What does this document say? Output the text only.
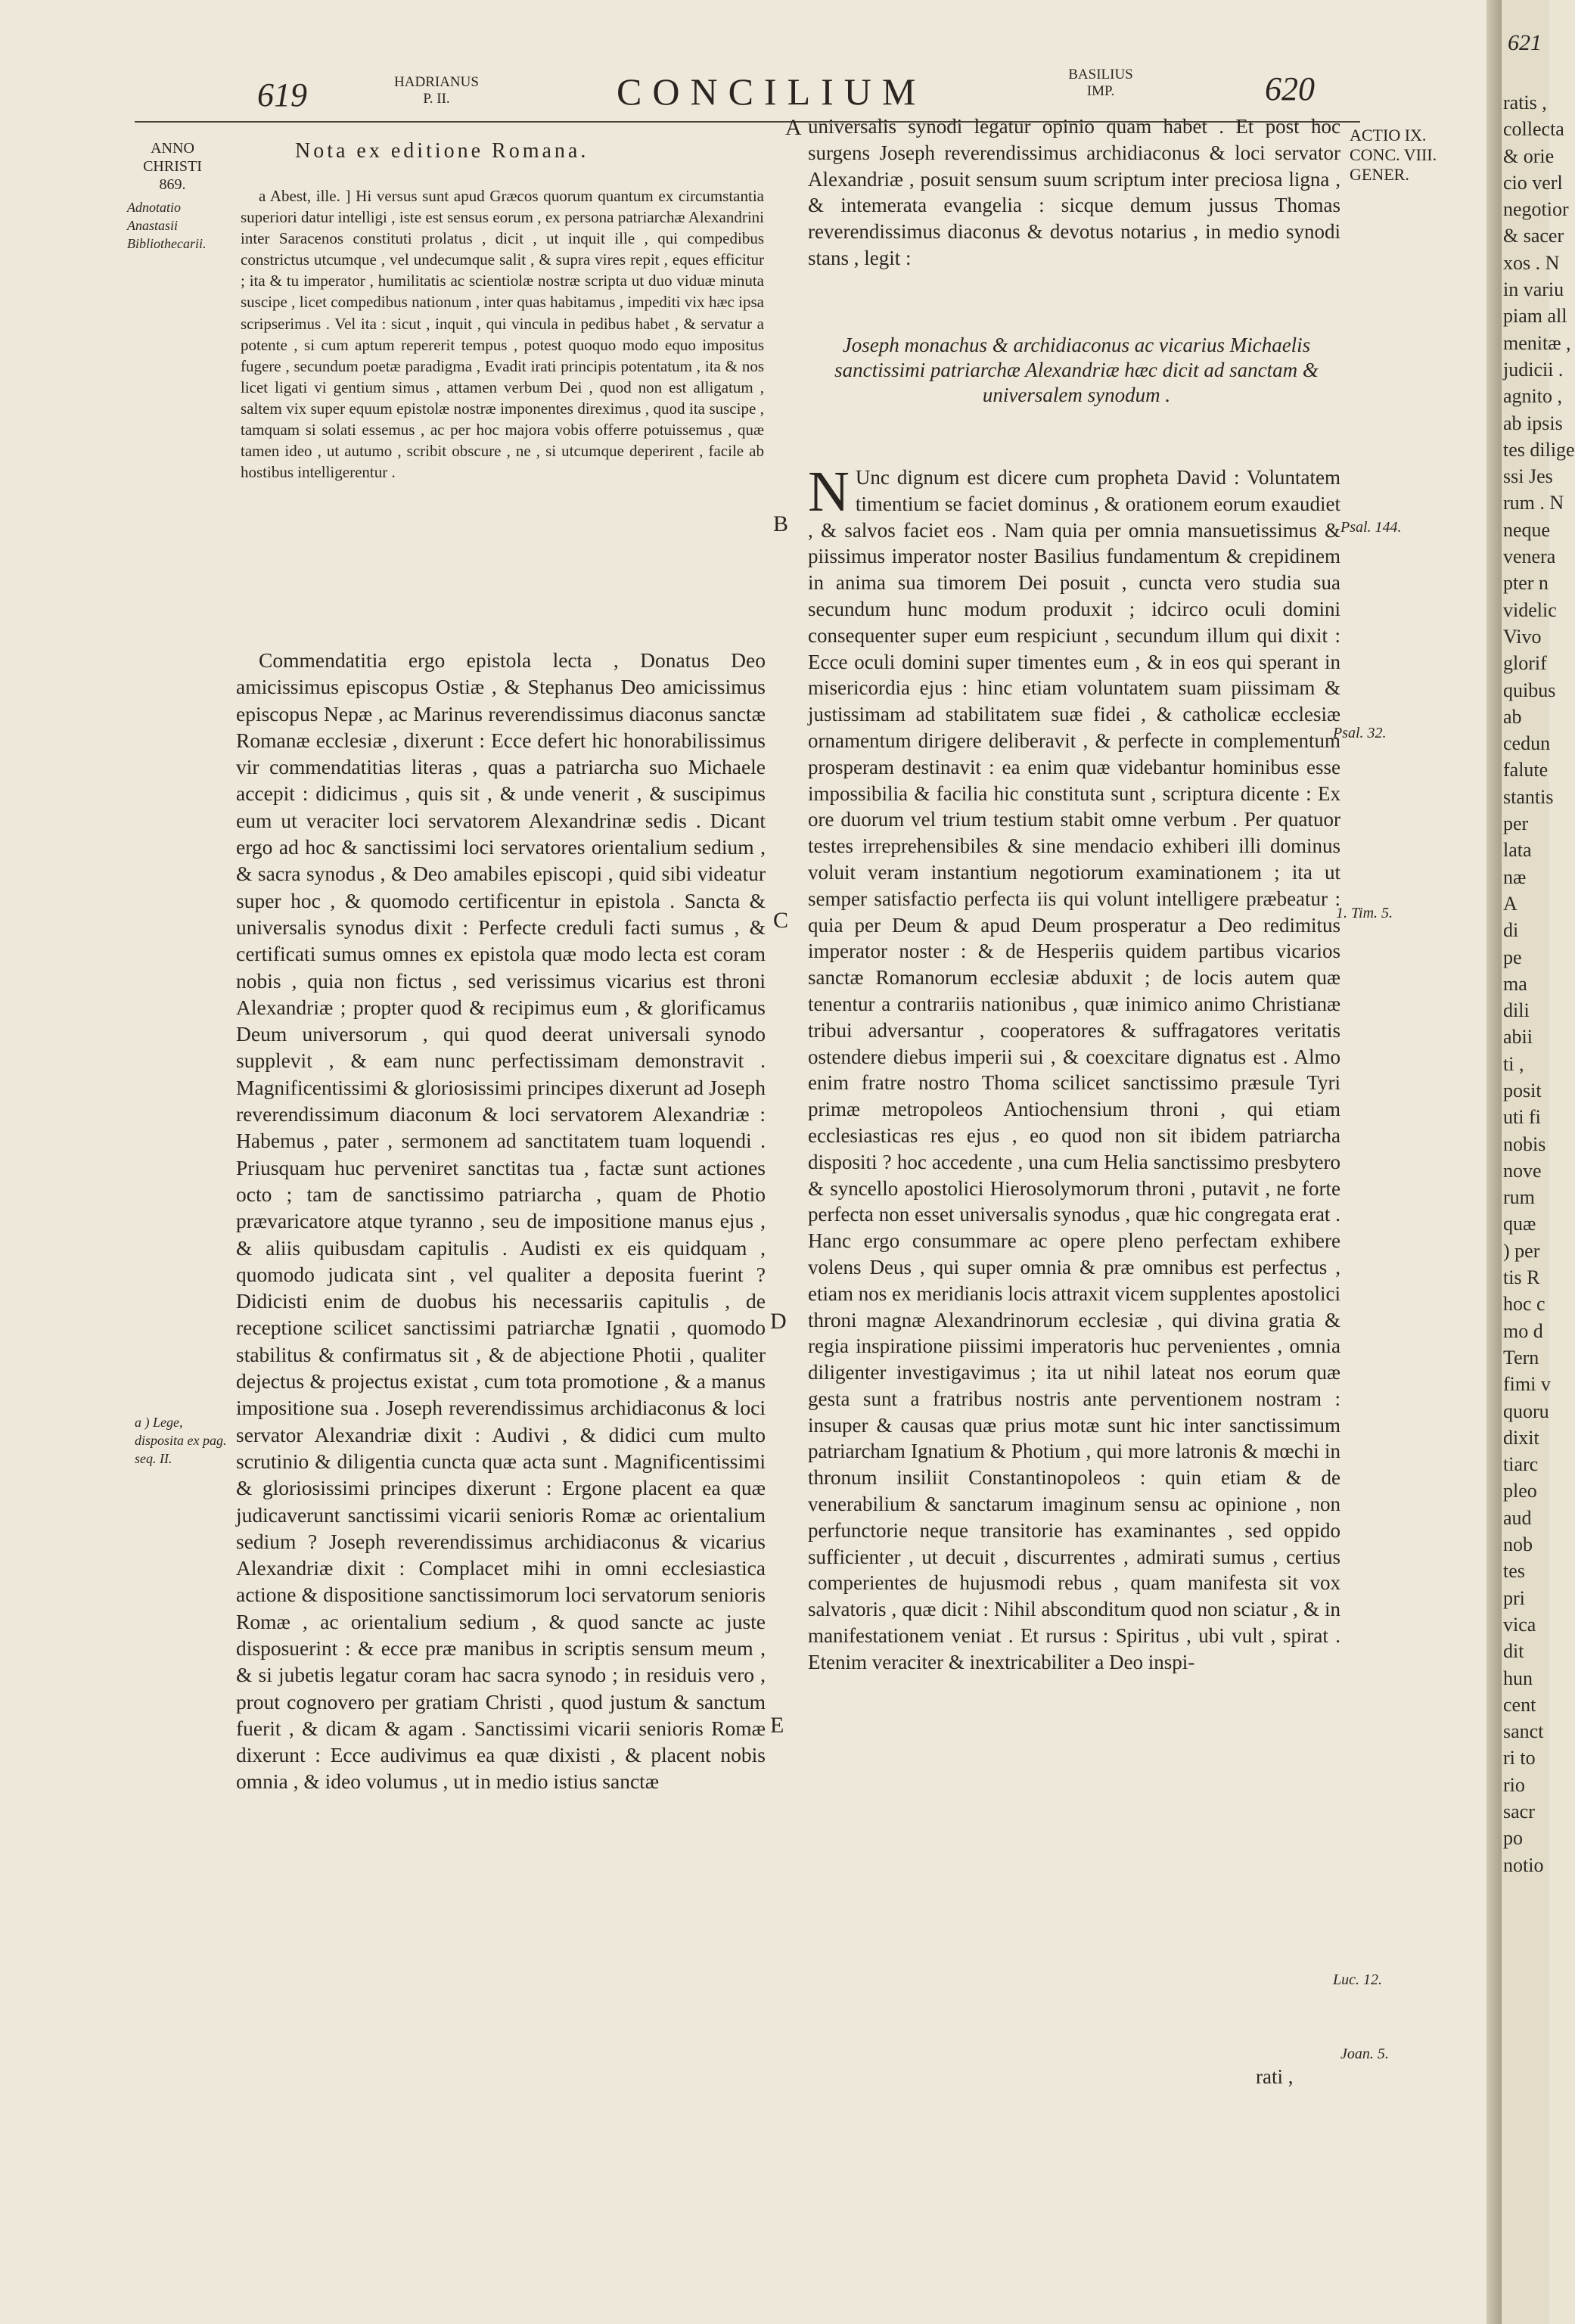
619	HADRIANUS
P. II.	CONCILIUM	BASILIUS
IMP.	620
ANNO
CHRISTI
869.
Adnotatio Anastasii Bibliothecarii.
a ) Lege, disposita ex pag. seq. II.
Nota ex editione Romana.

a Abest, ille. ] Hi versus sunt apud Græcos quorum quantum ex circumstantia superiori datur intelligi , iste est sensus eorum , ex persona patriarchæ Alexandrini inter Saracenos constituti prolatus , dicit , ut inquit ille , qui compedibus constrictus utcumque , vel undecumque salit , & supra vires repit , eques efficitur ; ita & tu imperator , humilitatis ac scientiolæ nostræ scripta ut duo viduæ minuta suscipe , licet compedibus nationum , inter quas habitamus , impediti vix hæc ipsa scripserimus . Vel ita : sicut , inquit , qui vincula in pedibus habet , & servatur a potente , si cum aptum repererit tempus , potest quoquo modo equo impositus fugere , secundum poetæ paradigma , Evadit irati principis potentatum , ita & nos licet ligati vi gentium simus , attamen verbum Dei , quod non est alligatum , saltem vix super equum epistolæ nostræ imponentes direximus , quod ita suscipe , tamquam si solati essemus , ac per hoc majora vobis offerre potuissemus , quæ tamen ideo , ut autumo , scribit obscure , ne , si utcumque deperirent , facile ab hostibus intelligerentur .

Commendatitia ergo epistola lecta , Donatus Deo amicissimus episcopus Ostiæ , & Stephanus Deo amicissimus episcopus Nepæ , ac Marinus reverendissimus diaconus sanctæ Romanæ ecclesiæ , dixerunt : Ecce defert hic honorabilissimus vir commendatitias literas , quas a patriarcha suo Michaele accepit : didicimus , quis sit , & unde venerit , & suscipimus eum ut veraciter loci servatorem Alexandrinæ sedis . Dicant ergo ad hoc & sanctissimi loci servatores orientalium sedium , & sacra synodus , & Deo amabiles episcopi , quid sibi videatur super hoc , & quomodo certificentur in epistola . Sancta & universalis synodus dixit : Perfecte creduli facti sumus , & certificati sumus omnes ex epistola quæ modo lecta est coram nobis , quia non fictus , sed verissimus vicarius est throni Alexandriæ ; propter quod & recipimus eum , & glorificamus Deum universorum , qui quod deerat universali synodo supplevit , & eam nunc perfectissimam demonstravit . Magnificentissimi & gloriosissimi principes dixerunt ad Joseph reverendissimum diaconum & loci servatorem Alexandriæ : Habemus , pater , sermonem ad sanctitatem tuam loquendi . Priusquam huc perveniret sanctitas tua , factæ sunt actiones octo ; tam de sanctissimo patriarcha , quam de Photio prævaricatore atque tyranno , seu de impositione manus ejus , & aliis quibusdam capitulis . Audisti ex eis quidquam , quomodo judicata sint , vel qualiter a deposita fuerint ? Didicisti enim de duobus his necessariis capitulis , de receptione scilicet sanctissimi patriarchæ Ignatii , quomodo stabilitus & confirmatus sit , & de abjectione Photii , qualiter dejectus & projectus existat , cum tota promotione , & a manus impositione sua . Joseph reverendissimus archidiaconus & loci servator Alexandriæ dixit : Audivi , & didici cum multo scrutinio & diligentia cuncta quæ acta sunt . Magnificentissimi & gloriosissimi principes dixerunt : Ergone placent ea quæ judicaverunt sanctissimi vicarii senioris Romæ ac orientalium sedium ? Joseph reverendissimus archidiaconus & vicarius Alexandriæ dixit : Complacet mihi in omni ecclesiastica actione & dispositione sanctissimorum loci servatorum senioris Romæ , ac orientalium sedium , & quod sancte ac juste disposuerint : & ecce præ manibus in scriptis sensum meum , & si jubetis legatur coram hac sacra synodo ; in residuis vero , prout cognovero per gratiam Christi , quod justum & sanctum fuerit , & dicam & agam . Sanctissimi vicarii senioris Romæ dixerunt : Ecce audivimus ea quæ dixisti , & placent nobis omnia , & ideo volumus , ut in medio istius sanctæ

A
B
C
D
E

universalis synodi legatur opinio quam habet . Et post hoc surgens Joseph reverendissimus archidiaconus & loci servator Alexandriæ , posuit sensum suum scriptum inter preciosa ligna , & intemerata evangelia : sicque demum jussus Thomas reverendissimus diaconus & devotus notarius , in medio synodi stans , legit :

Joseph monachus & archidiaconus ac vicarius Michaelis sanctissimi patriarchæ Alexandriæ hæc dicit ad sanctam & universalem synodum .
N Unc dignum est dicere cum propheta David : Voluntatem timentium se faciet dominus , & orationem eorum exaudiet , & salvos faciet eos . Nam quia per omnia mansuetissimus & piissimus imperator noster Basilius fundamentum & crepidinem in anima sua timorem Dei posuit , cuncta vero studia sua secundum hunc modum produxit ; idcirco oculi domini consequenter super eum respiciunt , secundum illum qui dixit : Ecce oculi domini super timentes eum , & in eos qui sperant in misericordia ejus : hinc etiam voluntatem suam piissimam & justissimam ad stabilitatem suæ fidei , & catholicæ ecclesiæ ornamentum dirigere deliberavit , & perfecte in complementum prosperam destinavit : ea enim quæ videbantur hominibus esse impossibilia & facilia hic constituta sunt , scriptura dicente : Ex ore duorum vel trium testium stabit omne verbum . Per quatuor testes irreprehensibiles & sine mendacio exhiberi illi dominus voluit veram instantium negotiorum examinationem ; ita ut semper satisfactio perfecta iis qui volunt intelligere præbeatur : quia per Deum & apud Deum prosperatur a Deo redimitus imperator noster : & de Hesperiis quidem partibus vicarios sanctæ Romanorum ecclesiæ abduxit ; de locis autem quæ tenentur a contrariis nationibus , quæ inimico animo Christianæ tribui adversantur , cooperatores & suffragatores veritatis ostendere diebus imperii sui , & coexcitare dignatus est . Almo enim fratre nostro Thoma scilicet sanctissimo præsule Tyri primæ metropoleos Antiochensium throni , qui etiam ecclesiasticas res ejus , eo quod non sit ibidem patriarcha dispositi ? hoc accedente , una cum Helia sanctissimo presbytero & syncello apostolici Hierosolymorum throni , putavit , ne forte perfecta non esset universalis synodus , quæ hic congregata erat . Hanc ergo consummare ac opere pleno perfectam exhibere volens Deus , qui super omnia & præ omnibus est perfectus , etiam nos ex meridianis locis attraxit vicem supplentes apostolici throni magnæ Alexandrinorum ecclesiæ , qui divina gratia & regia inspiratione piissimi imperatoris huc pervenientes , omnia diligenter investigavimus ; ita ut nihil lateat nos eorum quæ gesta sunt a fratribus nostris ante perventionem nostram : insuper & causas quæ prius motæ sunt hic inter sanctissimum patriarcham Ignatium & Photium , qui more latronis & mœchi in thronum insiliit Constantinopoleos : quin etiam & de venerabilium & sanctarum imaginum sensu ac opinione , non perfunctorie neque transitorie has examinantes , sed oppido sufficienter , ut decuit , discurrentes , admirati sumus , certius comperientes de hujusmodi rebus , quam manifesta sit vox salvatoris , quæ dicit : Nihil absconditum quod non sciatur , & in manifestationem veniat . Et rursus : Spiritus , ubi vult , spirat . Etenim veraciter & inextricabiliter a Deo inspi-
rati ,
ACTIO IX.
CONC. VIII.
GENER.
Psal. 144.
Psal. 32.
1. Tim. 5.
Luc. 12.
Joan. 5.
621
ratis ,
collecta
& orie
cio verl
negotior
& sacer
xos . N
in variu
piam all
menitæ ,
judicii .
agnito ,
ab ipsis
tes dilige
ssi Jes
rum . N
neque
venera
pter n
videlic
Vivo
glorif
quibus
ab
cedun
falute
stantis
per
lata
næ
A
di
pe
ma
dili
abii
ti ,
posit
uti fi
nobis
nove
rum
quæ
) per
tis R
hoc c
mo d
Tern
fimi v
quoru
dixit
tiarc
pleo
aud
nob
tes
pri
vica
dit
hun
cent
sanct
ri to
rio
sacr
po
notio
